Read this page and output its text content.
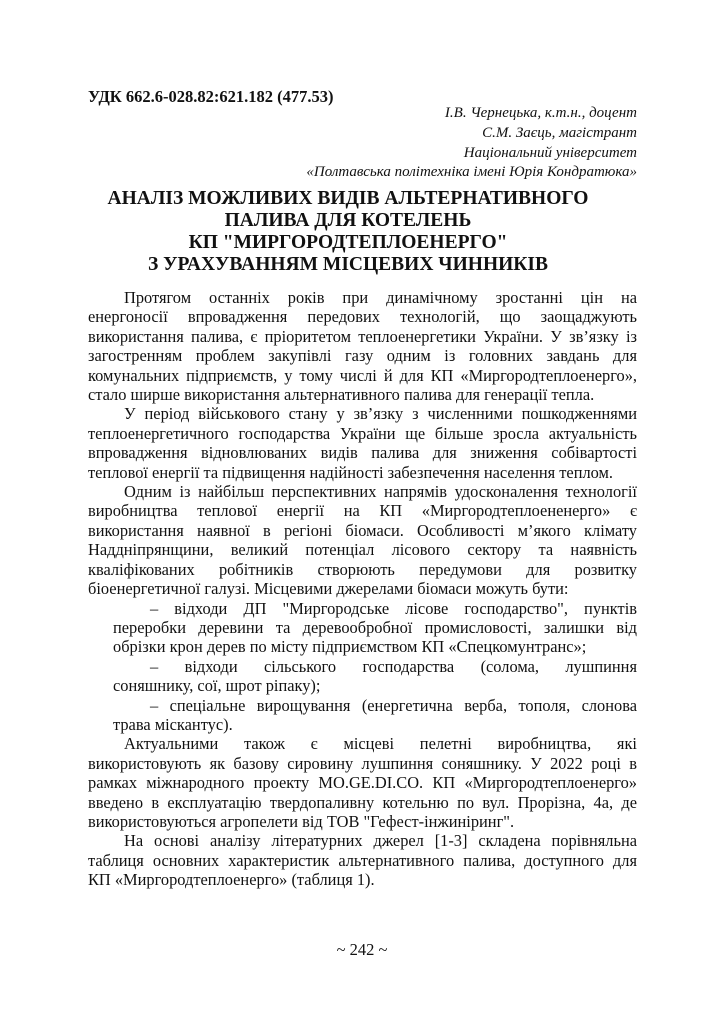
УДК 662.6-028.82:621.182 (477.53)
І.В. Чернецька, к.т.н., доцент
С.М. Заєць, магістрант
Національний університет
«Полтавська політехніка імені Юрія Кондратюка»
АНАЛІЗ МОЖЛИВИХ ВИДІВ АЛЬТЕРНАТИВНОГО
ПАЛИВА ДЛЯ КОТЕЛЕНЬ
КП "МИРГОРОДТЕПЛОЕНЕРГО"
З УРАХУВАННЯМ МІСЦЕВИХ ЧИННИКІВ
Протягом останніх років при динамічному зростанні цін на
енергоносії впровадження передових технологій, що заощаджують
використання палива, є пріоритетом теплоенергетики України. У зв’язку із
загостренням проблем закупівлі газу одним із головних завдань для
комунальних підприємств, у тому числі й для КП «Миргородтеплоенерго»,
стало ширше використання альтернативного палива для генерації тепла.
У період військового стану у зв’язку з численними пошкодженнями
теплоенергетичного господарства України ще більше зросла актуальність
впровадження відновлюваних видів палива для зниження собівартості
теплової енергії та підвищення надійності забезпечення населення теплом.
Одним із найбільш перспективних напрямів удосконалення технології
виробництва теплової енергії на КП «Миргородтеплоененерго» є
використання наявної в регіоні біомаси. Особливості м’якого клімату
Наддніпрянщини, великий потенціал лісового сектору та наявність
кваліфікованих робітників створюють передумови для розвитку
біоенергетичної галузі. Місцевими джерелами біомаси можуть бути:
– відходи ДП "Миргородське лісове господарство", пунктів
переробки деревини та деревообробної промисловості, залишки від
обрізки крон дерев по місту підприємством КП «Спецкомунтранс»;
– відходи сільського господарства (солома, лушпиння
соняшнику, сої, шрот ріпаку);
– спеціальне вирощування (енергетична верба, тополя, слонова
трава міскантус).
Актуальними також є місцеві пелетні виробництва, які
використовують як базову сировину лушпиння соняшнику. У 2022 році в
рамках міжнародного проекту MO.GE.DI.CO. КП «Миргородтеплоенерго»
введено в експлуатацію твердопаливну котельню по вул. Прорізна, 4а, де
використовуються агропелети від ТОВ "Гефест-інжиніринг".
На основі аналізу літературних джерел [1-3] складена порівняльна
таблиця основних характеристик альтернативного палива, доступного для
КП «Миргородтеплоенерго» (таблиця 1).
~ 242 ~
